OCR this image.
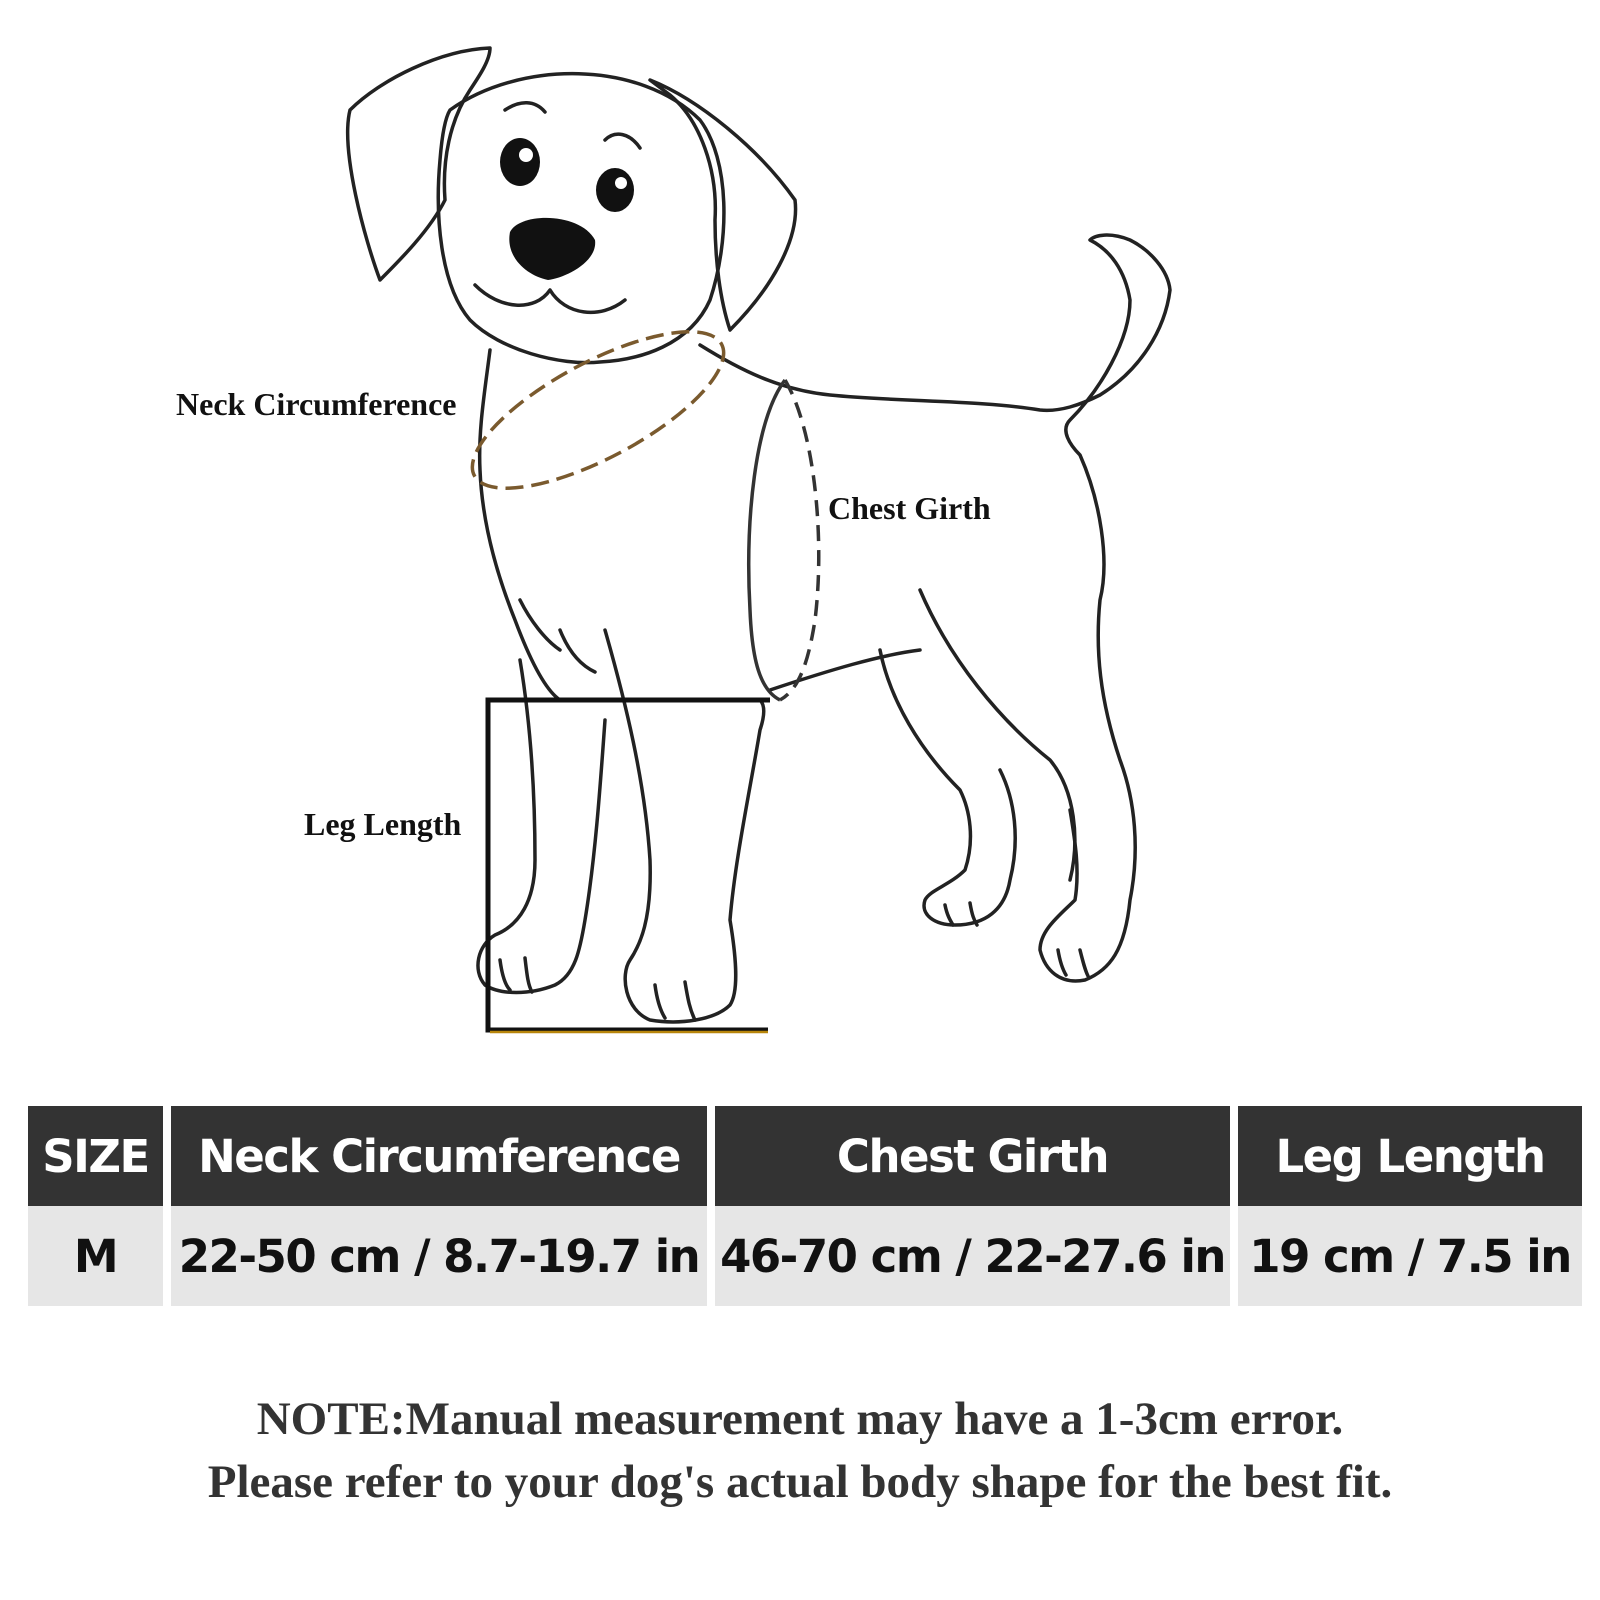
Neck Circumference
Chest Girth
Leg Length
SIZE	Neck Circumference	Chest Girth	Leg Length
M	22-50 cm / 8.7-19.7 in 46-70 cm / 22-27.6 in 19 cm / 7.5 in
NOTE:Manual measurement may have a 1-3cm error.
Please refer to your dog's actual body shape for the best fit.
